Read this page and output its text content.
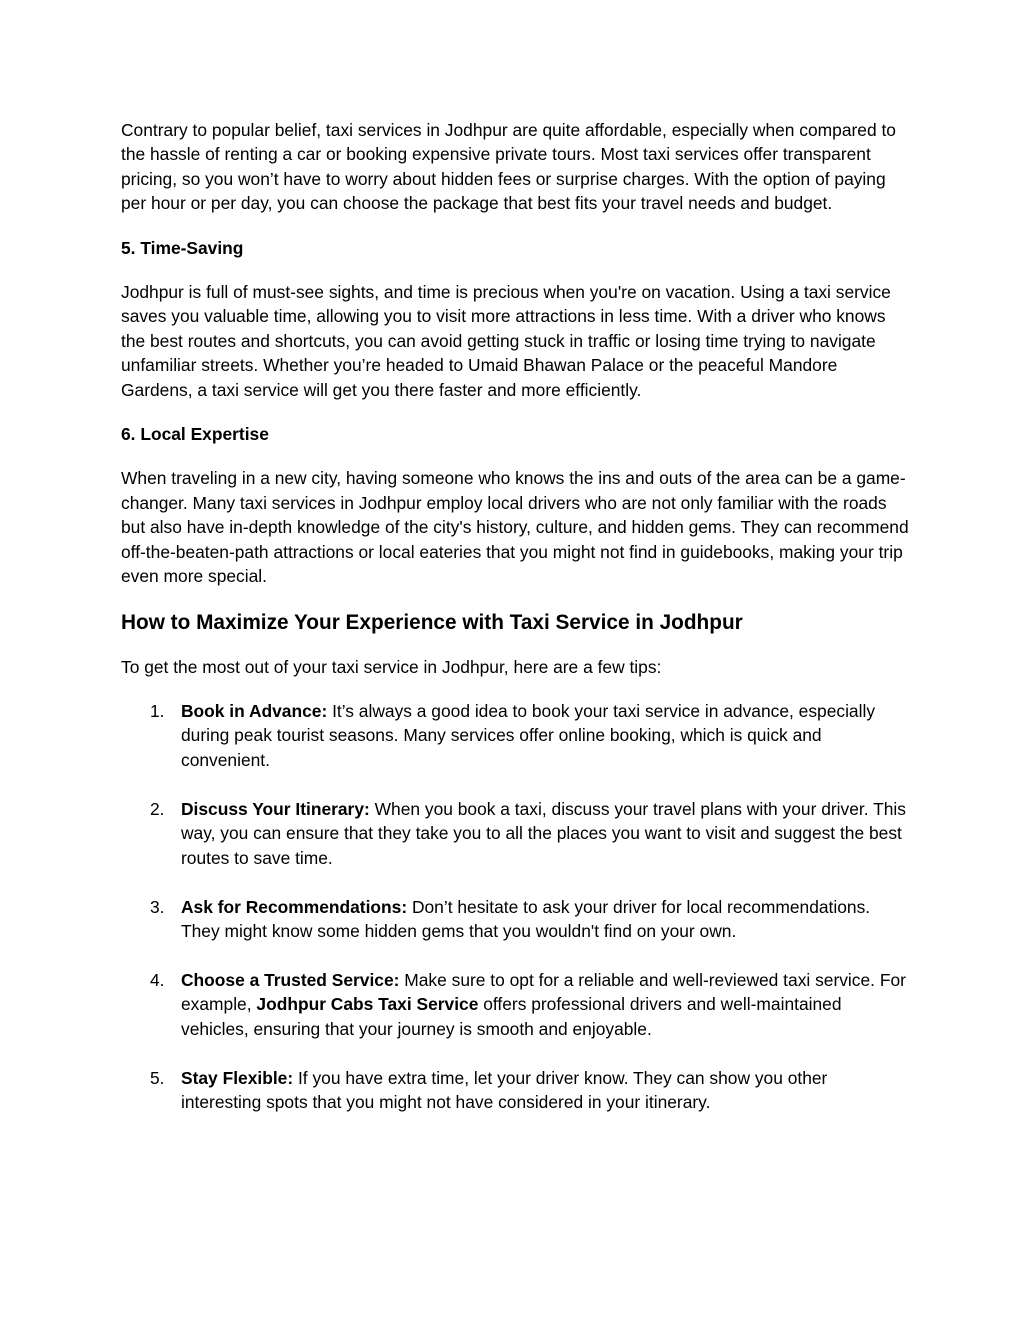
Contrary to popular belief, taxi services in Jodhpur are quite affordable, especially when compared to the hassle of renting a car or booking expensive private tours. Most taxi services offer transparent pricing, so you won’t have to worry about hidden fees or surprise charges. With the option of paying per hour or per day, you can choose the package that best fits your travel needs and budget.

5. Time-Saving

Jodhpur is full of must-see sights, and time is precious when you're on vacation. Using a taxi service saves you valuable time, allowing you to visit more attractions in less time. With a driver who knows the best routes and shortcuts, you can avoid getting stuck in traffic or losing time trying to navigate unfamiliar streets. Whether you’re headed to Umaid Bhawan Palace or the peaceful Mandore Gardens, a taxi service will get you there faster and more efficiently.

6. Local Expertise

When traveling in a new city, having someone who knows the ins and outs of the area can be a game-changer. Many taxi services in Jodhpur employ local drivers who are not only familiar with the roads but also have in-depth knowledge of the city's history, culture, and hidden gems. They can recommend off-the-beaten-path attractions or local eateries that you might not find in guidebooks, making your trip even more special.

How to Maximize Your Experience with Taxi Service in Jodhpur

To get the most out of your taxi service in Jodhpur, here are a few tips:

1. Book in Advance: It’s always a good idea to book your taxi service in advance, especially during peak tourist seasons. Many services offer online booking, which is quick and convenient.
2. Discuss Your Itinerary: When you book a taxi, discuss your travel plans with your driver. This way, you can ensure that they take you to all the places you want to visit and suggest the best routes to save time.
3. Ask for Recommendations: Don’t hesitate to ask your driver for local recommendations. They might know some hidden gems that you wouldn't find on your own.
4. Choose a Trusted Service: Make sure to opt for a reliable and well-reviewed taxi service. For example, Jodhpur Cabs Taxi Service offers professional drivers and well-maintained vehicles, ensuring that your journey is smooth and enjoyable.
5. Stay Flexible: If you have extra time, let your driver know. They can show you other interesting spots that you might not have considered in your itinerary.
